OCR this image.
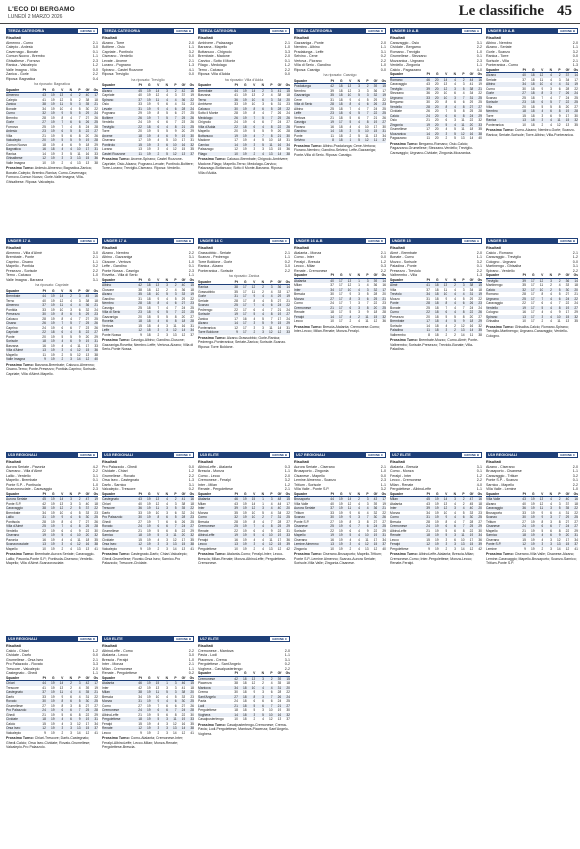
L'ECO DI BERGAMO
LUNEDÌ 2 MARZO 2026	Le classifiche 45
TERZA CATEGORIA	GIRONE A
Risultati
Almenno - Curno	2-1
Calepio - Ardesio	3-0
Cavernago - Bonate	0-1
Comun Nuovo - Brembo	1-1
Ghisalbese - Fornovo	2-3
Ranica - Valcalepio	1-2
Valle Imagna - Villa	0-0
Zanica - Gorle	2-2
Riposa: Bagnatica	0-4
ha riposato: Bagnatica
Squadre	Pt	G	V	N	P	Gf	Gs
Almenno	43	19	13	4	2	40	17
Calepio	41	19	12	5	2	38	18
Zanica	38	19	11	5	3	35	21
Bonate	34	19	10	4	5	30	22
Curno	32	19	9	5	5	29	24
Brembo	28	19	8	4	7	27	26
Gorle	27	19	7	6	6	26	25
Fornovo	25	19	7	4	8	24	28
Ardesio	23	19	6	5	8	22	27
Villa	21	19	5	6	8	20	26
Valcalepio	20	19	5	5	9	19	28
Comun Nuovo	18	19	4	6	9	18	29
Bagnatica	16	18	4	4	10	17	31
Ranica	14	19	3	5	11	16	33
Ghisalbese	12	19	3	3	13	15	36
Valle Imagna	10	19	2	4	13	13	38
Prossimo Turno: Ardesio-Almenno; Bagnatica-Zanica; Bonate-Calepio; Brembo-Ranica; Curno-Cavernago; Fornovo-Comun Nuovo; Gorle-Valle Imagna; Villa-Ghisalbese. Riposa: Valcalepio.
TERZA CATEGORIA	GIRONE B
Risultati
Alzano - Torre	2-0
Boltiere - Osio	1-1
Capriate - Pontirolo	3-2
Ciserano - Verdello	0-0
Levate - Arcene	2-1
Lurano - Pognano	1-3
Spirano - Castel Rozzone	4-1
Riposa: Treviglio	0-0
ha riposato: Treviglio
Squadre	Pt	G	V	N	P	Gf	Gs
Alzano	45	19	14	3	2	42	16
Capriate	40	19	12	4	3	37	19
Spirano	37	19	11	4	4	36	22
Osio	33	19	9	6	4	31	23
Levate	31	19	9	4	6	28	24
Pognano	29	19	8	5	6	27	25
Boltiere	26	19	7	5	7	25	26
Verdello	24	19	6	6	7	23	26
Treviglio	22	18	6	4	8	21	25
Torre	20	19	5	5	9	20	29
Arcene	18	19	4	6	9	19	30
Ciserano	17	19	4	5	10	17	31
Pontirolo	15	19	3	6	10	16	32
Lurano	13	19	3	4	12	15	35
Castel Rozzone	11	19	2	5	12	13	37
Prossimo Turno: Arcene-Spirano; Castel Rozzone-Capriate; Osio-Alzano; Pognano-Levate; Pontirolo-Boltiere; Torre-Lurano; Treviglio-Ciserano. Riposa: Verdello.
TERZA CATEGORIA	GIRONE C
Risultati
Ambivere - Palazzago	2-1
Barzana - Mapello	1-0
Bottanuco - Chignolo	3-3
Brembate - Madone	2-0
Carvico - Sotto il Monte	0-1
Filago - Medolago	1-2
Terno - Calusco	2-2
Riposa: Villa d'Adda	0-0
ha riposato: Villa d'Adda
Squadre	Pt	G	V	N	P	Gf	Gs
Brembate	44	19	14	2	3	41	15
Barzana	41	19	13	2	4	38	18
Terno	36	19	10	6	3	34	20
Ambivere	33	19	10	3	6	31	23
Calusco	30	19	8	6	5	28	22
Sotto il Monte	28	19	8	4	7	26	24
Medolago	26	19	7	5	7	25	26
Chignolo	24	19	6	6	7	24	27
Villa d'Adda	22	18	6	4	8	22	26
Mapello	20	19	5	5	9	20	28
Bottanuco	19	19	4	7	8	21	30
Madone	17	19	4	5	10	18	31
Carvico	14	19	3	5	11	16	34
Palazzago	12	19	3	3	13	15	36
Filago	10	19	2	4	13	14	38
Prossimo Turno: Calusco-Brembate; Chignolo-Ambivere; Madone-Filago; Mapello-Terno; Medolago-Carvico; Palazzago-Bottanuco; Sotto il Monte-Barzana. Riposa: Villa d'Adda.
TERZA CATEGORIA	GIRONE D
Risultati
Gazzaniga - Ponte	2-0
Nembro - Albino	1-1
Pradalunga - Leffe	3-1
Selvino - Cene	0-2
Vertova - Fiorano	2-2
Villa di Serio - Gandino	1-0
Riposa: Casnigo	0-0
ha riposato: Casnigo
Squadre	Pt	G	V	N	P	Gf	Gs
Pradalunga	42	18	13	3	2	39	15
Nembro	39	18	12	3	3	36	17
Gazzaniga	35	18	10	5	3	32	19
Cene	31	18	9	4	5	29	22
Villa di Serio	28	18	8	4	6	26	23
Albino	25	18	7	4	7	24	25
Leffe	23	18	6	5	7	22	25
Vertova	21	18	5	6	7	21	26
Casnigo	19	17	5	4	8	19	27
Fiorano	16	18	4	4	10	17	30
Gandino	14	18	3	5	10	15	31
Ponte	11	18	2	5	11	13	34
Selvino	8	18	1	5	12	11	37
Prossimo Turno: Albino-Pradalunga; Cene-Vertova; Fiorano-Nembro; Gandino-Selvino; Leffe-Gazzaniga; Ponte-Villa di Serio. Riposa: Casnigo.
UNDER 19 A-B	GIRONE A
Risultati
Caravaggio - Osio	3-1
Cividate - Bergamo	2-2
Romano - Treviglio	1-0
Grumellese - Stezzano	0-1
Mozzanica - Urgnano	2-3
Verdello - Zingonia	1-1
Calcio - Pagazzano	4-0
Squadre	Pt	G	V	N	P	Gf	Gs
Romano	46	20	14	4	2	44	16
Caravaggio	43	20	13	4	3	41	19
Treviglio	39	20	12	3	5	38	21
Stezzano	36	20	10	6	4	34	22
Urgnano	33	20	10	3	7	31	25
Bergamo	30	20	8	6	6	29	25
Verdello	28	20	8	4	8	27	27
Cividate	26	20	7	5	8	25	28
Calcio	24	20	6	6	8	24	29
Osio	21	20	6	3	11	22	32
Zingonia	19	20	5	4	11	20	33
Grumellese	17	20	4	5	11	18	35
Mozzanica	14	20	3	5	12	16	38
Pagazzano	11	20	2	5	13	14	40
Prossimo Turno: Bergamo-Romano; Osio-Calcio; Pagazzano-Grumellese; Stezzano-Verdello; Treviglio-Caravaggio; Urgnano-Cividate; Zingonia-Mozzanica.
UNDER 19 A-B	GIRONE B
Risultati
Albino - Nembro	2-0
Alzano - Seriate	1-1
Gorle - Scanzo	3-2
Ranica - Torre	0-0
Sorisole - Villa	2-1
Ponteranica - Curno	1-3
Squadre	Pt	G	V	N	P	Gf	Gs
Alzano	40	18	12	4	2	37	14
Seriate	37	18	11	4	3	34	17
Albino	34	18	10	4	4	31	19
Curno	30	18	9	3	6	28	22
Gorle	27	18	8	3	7	26	24
Scanzo	25	18	7	4	7	24	25
Sorisole	23	18	6	5	7	22	25
Villa	20	18	5	5	8	20	27
Nembro	18	18	4	6	8	19	28
Torre	15	18	3	6	9	17	30
Ranica	13	18	3	4	11	15	32
Ponteranica	10	18	2	4	12	13	35
Prossimo Turno: Curno-Alzano; Nembro-Gorle; Scanzo-Ranica; Seriate-Sorisole; Torre-Albino; Villa-Ponteranica.
UNDER 17 A	GIRONE A
Risultati
Almenno - Villa d'Almè	3-0
Brembate - Ponte	2-1
Caprino - Cisano	1-1
Mapello - Pontida	0-2
Presezzo - Sorisole	2-2
Terno - Calusco	1-0
Valle Imagna - Barzana	3-1
ha riposato: Capriate
Squadre	Pt	G	V	N	P	Gf	Gs
Brembate	44	19	14	2	3	45	16
Terno	40	19	12	4	3	38	18
Almenno	37	19	11	4	4	36	21
Pontida	33	19	10	3	6	32	24
Presezzo	30	19	8	6	5	29	23
Calusco	28	19	8	4	7	27	25
Cisano	26	19	7	5	7	25	26
Caprino	24	19	6	6	7	23	26
Capriate	22	18	6	4	8	22	27
Ponte	20	19	5	5	9	20	29
Sorisole	18	19	4	6	9	19	31
Barzana	16	19	4	4	11	17	33
Villa d'Almè	13	19	3	4	12	15	36
Mapello	11	19	2	5	12	13	38
Valle Imagna	9	19	2	3	14	12	40
Prossimo Turno: Barzana-Brembate; Calusco-Almenno; Cisano-Terno; Ponte-Presezzo; Pontida-Caprino; Sorisole-Capriate; Villa d'Almè-Mapello.
UNDER 17 A	GIRONE B
Risultati
Alzano - Nembro	2-2
Albino - Gazzaniga	3-1
Clusone - Vertova	1-0
Leffe - Gandino	0-1
Ponte Nossa - Casnigo	2-3
Rovetta - Villa di Serio	1-1
Squadre	Pt	G	V	N	P	Gf	Gs
Albino	42	18	13	3	2	40	15
Clusone	38	18	12	2	4	36	18
Alzano	35	18	10	5	3	33	19
Gandino	31	18	9	4	5	29	22
Nembro	28	18	8	4	6	27	23
Casnigo	25	18	7	4	7	24	25
Villa di Serio	23	18	6	5	7	22	25
Gazzaniga	20	18	5	5	8	20	27
Rovetta	18	18	4	6	8	18	28
Vertova	15	18	4	3	11	16	31
Leffe	12	18	3	3	12	14	34
Ponte Nossa	9	18	2	3	13	12	37
Prossimo Turno: Casnigo-Albino; Gandino-Clusone; Gazzaniga-Rovetta; Nembro-Leffe; Vertova-Alzano; Villa di Serio-Ponte Nossa.
UNDER 16 C	GIRONE C
Risultati
Grassobbio - Seriate	2-1
Scanzo - Pedrengo	1-1
Torre Boldone - Gorle	0-2
Ranica - Alzano	3-0
Ponteranica - Sorisole	2-2
ha riposato: Zanica
Squadre	Pt	G	V	N	P	Gf	Gs
Ranica	38	17	12	2	3	36	14
Grassobbio	35	17	11	2	4	33	17
Gorle	31	17	9	4	4	29	19
Seriate	28	17	8	4	5	27	21
Scanzo	25	17	7	4	6	24	22
Pedrengo	22	17	6	4	7	21	24
Sorisole	19	17	5	4	8	19	27
Zanica	17	16	4	5	7	17	24
Alzano	14	17	3	5	9	15	29
Ponteranica	12	17	3	3	11	14	31
Torre Boldone	9	17	2	3	12	12	33
Prossimo Turno: Alzano-Grassobbio; Gorle-Ranica; Pedrengo-Ponteranica; Seriate-Zanica; Sorisole-Scanzo. Riposa: Torre Boldone.
UNDER 16 A-B	GIRONE D
Risultati
Atalanta - Monza	2-1
Como - Inter	0-0
Feralpi - Brescia	1-2
Lecco - Milan	0-3
Renate - Cremonese	2-2
Squadre	Pt	G	V	N	P	Gf	Gs
Atalanta	40	17	13	1	3	39	14
Milan	37	17	12	1	4	36	16
Inter	34	17	10	4	3	32	17
Brescia	30	17	9	3	5	28	20
Monza	27	17	8	3	6	25	21
Como	24	17	7	3	7	22	23
Cremonese	21	17	6	3	8	20	25
Renate	18	17	5	3	9	18	28
Feralpi	14	17	4	2	11	15	32
Lecco	10	17	2	4	11	12	36
Prossimo Turno: Brescia-Atalanta; Cremonese-Como; Inter-Lecco; Milan-Renate; Monza-Feralpi.
UNDER 15	GIRONE A
Risultati
Almè - Brembate	2-0
Bonate - Curno	1-1
Mozzo - Sorisole	3-2
Paladina - Ponte	0-1
Presezzo - Treviolo	2-2
Valbrembo - Villa	1-3
Squadre	Pt	G	V	N	P	Gf	Gs
Almè	41	18	13	2	3	38	15
Villa	37	18	11	4	3	34	18
Treviolo	34	18	10	4	4	31	19
Mozzo	31	18	9	4	5	29	22
Ponte	28	18	8	4	6	26	23
Bonate	25	18	7	4	7	24	24
Curno	22	18	6	4	8	22	26
Presezzo	20	18	5	5	8	20	27
Brembate	17	18	4	5	9	18	29
Sorisole	14	18	4	2	12	16	32
Paladina	11	18	3	2	13	14	35
Valbrembo	8	18	2	2	14	11	38
Prossimo Turno: Brembate-Mozzo; Curno-Almè; Ponte-Valbrembo; Sorisole-Presezzo; Treviolo-Bonate; Villa-Paladina.
UNDER 15	GIRONE B
Risultati
Calcio - Romano	2-1
Caravaggio - Treviglio	1-2
Cologno - Urgnano	0-0
Martinengo - Ghisalba	3-1
Spirano - Verdello	2-2
Squadre	Pt	G	V	N	P	Gf	Gs
Treviglio	39	17	12	3	2	36	14
Martinengo	35	17	11	2	4	33	18
Calcio	32	17	10	2	5	30	20
Romano	28	17	8	4	5	27	21
Urgnano	25	17	7	4	6	24	22
Caravaggio	22	17	6	4	7	22	24
Verdello	19	17	5	4	8	19	27
Cologno	16	17	4	4	9	17	29
Spirano	13	17	3	4	10	15	32
Ghisalba	10	17	2	4	11	13	35
Prossimo Turno: Ghisalba-Calcio; Romano-Spirano; Treviglio-Martinengo; Urgnano-Caravaggio; Verdello-Cologno.
U15 REGIONALI	GIRONE B
Risultati
Aurora Seriate - Pavonia	4-2
Ciserano - Villa d'Almè	2-2
Lallio - Verdello	3-1
Mapello - Brembate	0-1
Ponte S.P. - Pontisola	1-0
Scanzorosciate - Caravaggio	2-3
Squadre	Pt	G	V	N	P	Gf	Gs
Aurora Seriate	45	19	14	3	2	47	19
Ponte S.P.	42	19	13	3	3	40	18
Caravaggio	38	19	12	2	5	37	22
Brembate	34	19	10	4	5	33	23
Lallio	31	19	9	4	6	30	25
Pontisola	28	19	8	4	7	27	26
Villa d'Almè	25	19	7	4	8	25	28
Verdello	22	19	6	4	9	22	30
Ciserano	19	19	5	4	10	20	32
Pavonia	16	19	4	4	11	18	35
Scanzorosciate	13	19	3	4	12	16	38
Mapello	10	19	2	4	13	13	41
Prossimo Turno: Brembate-Aurora Seriate; Caravaggio-Lallio; Pavonia-Ponte S.P.; Pontisola-Ciserano; Verdello-Mapello; Villa d'Almè-Scanzorosciate.
U15 REGIONALI	GIRONE C
Risultati
Pro Palazzolo - Ghedi	0-0
Cividate - Chiari	1-2
Grumellese - Rovato	2-2
Orsa Iseo - Castegnato	1-3
Darfo - Sarnico	3-1
Valcalepio - Trescore	0-2
Squadre	Pt	G	V	N	P	Gf	Gs
Castegnato	43	19	13	4	2	41	16
Chiari	40	19	12	4	3	38	18
Trescore	36	19	11	3	5	35	22
Darfo	33	19	10	3	6	32	24
Pro Palazzolo	30	19	8	6	5	28	23
Ghedi	27	19	7	6	6	26	25
Rovato	24	19	6	6	7	24	27
Grumellese	21	19	5	6	8	22	29
Sarnico	18	19	5	3	11	20	32
Cividate	15	19	4	3	12	17	35
Orsa Iseo	12	19	3	3	13	15	38
Valcalepio	9	19	2	3	14	13	41
Prossimo Turno: Castegnato-Darfo; Chiari-Valcalepio; Ghedi-Grumellese; Rovato-Orsa Iseo; Sarnico-Pro Palazzolo; Trescore-Cividate.
U15 ELITE	GIRONE B
Risultati
AlbinoLeffe - Atalanta	0-3
Brescia - Monza	1-1
Como - Lecco	2-0
Cremonese - Feralpi	3-2
Inter - Milan	1-2
Renate - Pergolettese	2-1
Squadre	Pt	G	V	N	P	Gf	Gs
Atalanta	46	19	15	1	3	48	15
Milan	43	19	14	1	4	44	17
Inter	39	19	12	3	4	40	20
Monza	35	19	10	5	4	34	22
Como	32	19	10	2	7	31	25
Brescia	28	19	8	4	7	28	27
Cremonese	25	19	7	4	8	25	29
Renate	22	19	6	4	9	22	31
AlbinoLeffe	19	19	5	4	10	19	33
Feralpi	16	19	4	4	11	17	36
Lecco	13	19	3	4	12	15	39
Pergolettese	10	19	2	4	13	12	42
Prossimo Turno: Atalanta-Como; Feralpi-Inter; Lecco-Brescia; Milan-Renate; Monza-AlbinoLeffe; Pergolettese-Cremonese.
U17 REGIONALI	GIRONE C
Risultati
Aurora Seriate - Ciserano	2-1
Brusaporto - Zingonia	1-0
Cisanese - Mapello	0-0
Lemine Almenno - Scanzo	2-3
Tritium - Sorisole	1-1
Villa Valle - Ponte S.P.	3-2
Squadre	Pt	G	V	N	P	Gf	Gs
Brusaporto	44	19	14	2	3	43	17
Villa Valle	40	19	12	4	3	39	19
Aurora Seriate	37	19	11	4	4	36	21
Tritium	33	19	9	6	4	32	22
Scanzo	30	19	9	3	7	30	26
Ponte S.P.	27	19	8	3	8	27	27
Cisanese	25	19	6	7	6	24	25
Sorisole	22	19	6	4	9	22	29
Mapello	19	19	5	4	10	19	31
Ciserano	16	19	4	4	11	17	34
Lemine Almenno	13	19	3	4	12	15	37
Zingonia	10	19	2	4	13	12	40
Prossimo Turno: Ciserano-Brusaporto; Mapello-Tritium; Ponte S.P.-Lemine Almenno; Scanzo-Aurora Seriate; Sorisole-Villa Valle; Zingonia-Cisanese.
U17 ELITE	GIRONE B
Risultati
Atalanta - Brescia	3-1
Como - Monza	0-1
Feralpi - Inter	1-2
Lecco - Cremonese	2-2
Milan - Renate	4-0
Pergolettese - AlbinoLeffe	1-1
Squadre	Pt	G	V	N	P	Gf	Gs
Milan	45	19	14	3	2	47	16
Atalanta	43	19	13	4	2	45	18
Inter	39	19	12	3	4	40	20
Monza	34	19	10	4	5	33	23
Como	31	19	9	4	6	30	25
Brescia	28	19	8	4	7	28	27
Cremonese	24	19	6	6	7	25	29
AlbinoLeffe	21	19	5	6	8	22	30
Renate	18	19	5	3	11	19	34
Lecco	15	19	3	6	10	17	36
Feralpi	12	19	3	3	13	15	39
Pergolettese	9	19	2	3	14	12	42
Prossimo Turno: AlbinoLeffe-Atalanta; Brescia-Milan; Cremonese-Como; Inter-Pergolettese; Monza-Lecco; Renate-Feralpi.
U19 REGIONALI	GIRONE C
Risultati
Alzano - Ciserano	2-0
Brusaporto - Cisanese	1-1
Caravaggio - Tritium	3-2
Ponte S.P. - Scanzo	0-1
Sarnico - Mapello	2-2
Villa Valle - Lemine	1-0
Squadre	Pt	G	V	N	P	Gf	Gs
Villa Valle	43	19	13	4	2	40	16
Alzano	40	19	12	4	3	37	18
Caravaggio	36	19	11	3	5	35	22
Brusaporto	33	19	9	6	4	31	22
Scanzo	30	19	9	3	7	29	25
Tritium	27	19	8	3	8	27	27
Cisanese	24	19	6	6	7	24	27
Mapello	21	19	5	6	8	22	29
Sarnico	18	19	4	6	9	20	31
Ciserano	15	19	4	3	12	17	34
Ponte S.P.	12	19	3	3	13	15	37
Lemine	9	19	2	3	14	12	41
Prossimo Turno: Ciserano-Villa Valle; Cisanese-Alzano; Lemine-Caravaggio; Mapello-Brusaporto; Scanzo-Sarnico; Tritium-Ponte S.P.
U19 REGIONALI	GIRONE D
Risultati
Calcio - Chiari	1-2
Cividate - Darfo	0-0
Grumellese - Orsa Iseo	2-1
Pro Palazzolo - Rovato	3-3
Trescore - Valcalepio	2-0
Castegnato - Ghedi	1-1
Squadre	Pt	G	V	N	P	Gf	Gs
Chiari	44	19	14	2	3	42	17
Trescore	41	19	13	2	4	39	19
Castegnato	37	19	11	4	4	35	21
Darfo	33	19	9	6	4	31	22
Rovato	30	19	8	6	5	30	25
Grumellese	27	19	8	3	8	27	27
Pro Palazzolo	24	19	6	6	7	25	28
Ghedi	21	19	5	6	8	22	29
Cividate	18	19	4	6	9	19	31
Calcio	15	19	4	3	12	17	34
Orsa Iseo	12	19	3	3	13	15	37
Valcalepio	9	19	2	3	14	12	41
Prossimo Turno: Chiari-Trescore; Darfo-Castegnato; Ghedi-Calcio; Orsa Iseo-Cividate; Rovato-Grumellese; Valcalepio-Pro Palazzolo.
U19 ELITE	GIRONE B
Risultati
AlbinoLeffe - Como	2-2
Atalanta - Lecco	3-0
Brescia - Feralpi	1-0
Inter - Monza	2-1
Milan - Cremonese	1-1
Renate - Pergolettese	0-2
Squadre	Pt	G	V	N	P	Gf	Gs
Atalanta	46	19	15	1	3	46	15
Inter	42	19	13	3	3	41	18
Milan	38	19	11	5	3	38	20
Brescia	34	19	10	4	5	33	23
Monza	31	19	9	4	6	30	25
Como	27	19	7	6	6	27	26
Cremonese	24	19	6	6	7	24	28
AlbinoLeffe	21	19	5	6	8	22	30
Pergolettese	18	19	5	3	11	19	33
Feralpi	15	19	4	3	12	16	35
Renate	12	19	3	3	13	14	38
Lecco	9	19	2	3	14	12	41
Prossimo Turno: Como-Atalanta; Cremonese-Inter; Feralpi-AlbinoLeffe; Lecco-Milan; Monza-Renate; Pergolettese-Brescia.
U17 ELITE	GIRONE C
Risultati
Cremonese - Mantova	2-0
Pavia - Lodi	1-1
Piacenza - Crema	3-1
Pergolettese - Sant'Angelo	0-2
Voghera - Casalpusterlengo	2-2
Squadre	Pt	G	V	N	P	Gf	Gs
Cremonese	42	18	13	3	2	39	15
Piacenza	38	18	12	2	4	35	18
Mantova	34	18	10	4	4	31	20
Crema	30	18	9	3	6	28	22
Sant'Angelo	27	18	8	3	7	26	24
Pavia	24	18	6	6	6	24	25
Lodi	21	18	5	6	7	21	27
Pergolettese	18	18	5	3	10	19	30
Voghera	14	18	3	5	10	16	32
Casalpusterlengo	10	18	2	4	12	13	37
Prossimo Turno: Casalpusterlengo-Cremonese; Crema-Pavia; Lodi-Pergolettese; Mantova-Piacenza; Sant'Angelo-Voghera.
